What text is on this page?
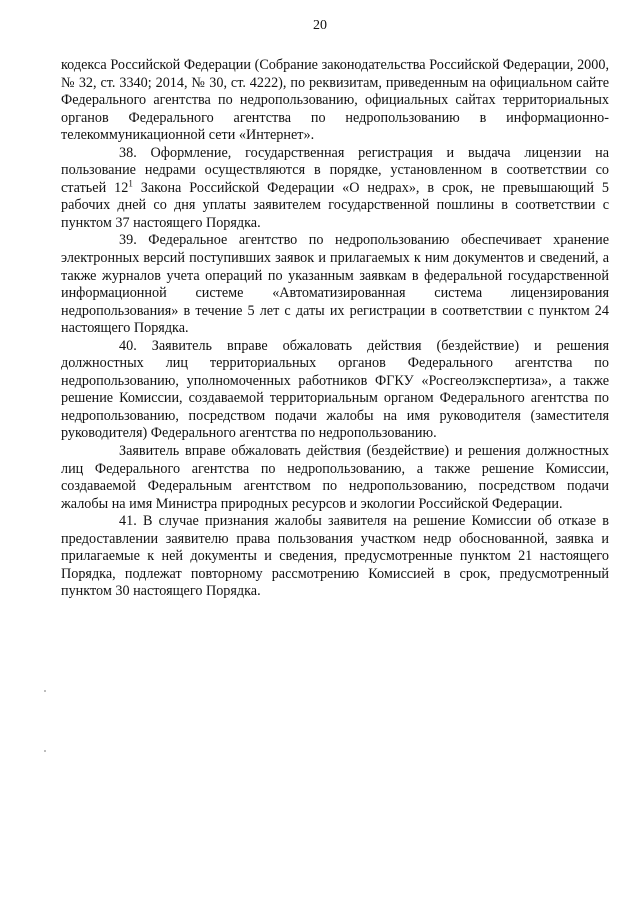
20

кодекса Российской Федерации (Собрание законодательства Российской Федерации, 2000, № 32, ст. 3340; 2014, № 30, ст. 4222), по реквизитам, приведенным на официальном сайте Федерального агентства по недропользованию, официальных сайтах территориальных органов Федерального агентства по недропользованию в информационно-телекоммуникационной сети «Интернет».

38. Оформление, государственная регистрация и выдача лицензии на пользование недрами осуществляются в порядке, установленном в соответствии со статьей $12^1$ Закона Российской Федерации «О недрах», в срок, не превышающий 5 рабочих дней со дня уплаты заявителем государственной пошлины в соответствии с пунктом 37 настоящего Порядка.

39. Федеральное агентство по недропользованию обеспечивает хранение электронных версий поступивших заявок и прилагаемых к ним документов и сведений, а также журналов учета операций по указанным заявкам в федеральной государственной информационной системе «Автоматизированная система лицензирования недропользования» в течение 5 лет с даты их регистрации в соответствии с пунктом 24 настоящего Порядка.

40. Заявитель вправе обжаловать действия (бездействие) и решения должностных лиц территориальных органов Федерального агентства по недропользованию, уполномоченных работников ФГКУ «Росгеолэкспертиза», а также решение Комиссии, создаваемой территориальным органом Федерального агентства по недропользованию, посредством подачи жалобы на имя руководителя (заместителя руководителя) Федерального агентства по недропользованию.

Заявитель вправе обжаловать действия (бездействие) и решения должностных лиц Федерального агентства по недропользованию, а также решение Комиссии, создаваемой Федеральным агентством по недропользованию, посредством подачи жалобы на имя Министра природных ресурсов и экологии Российской Федерации.

41. В случае признания жалобы заявителя на решение Комиссии об отказе в предоставлении заявителю права пользования участком недр обоснованной, заявка и прилагаемые к ней документы и сведения, предусмотренные пунктом 21 настоящего Порядка, подлежат повторному рассмотрению Комиссией в срок, предусмотренный пунктом 30 настоящего Порядка.
